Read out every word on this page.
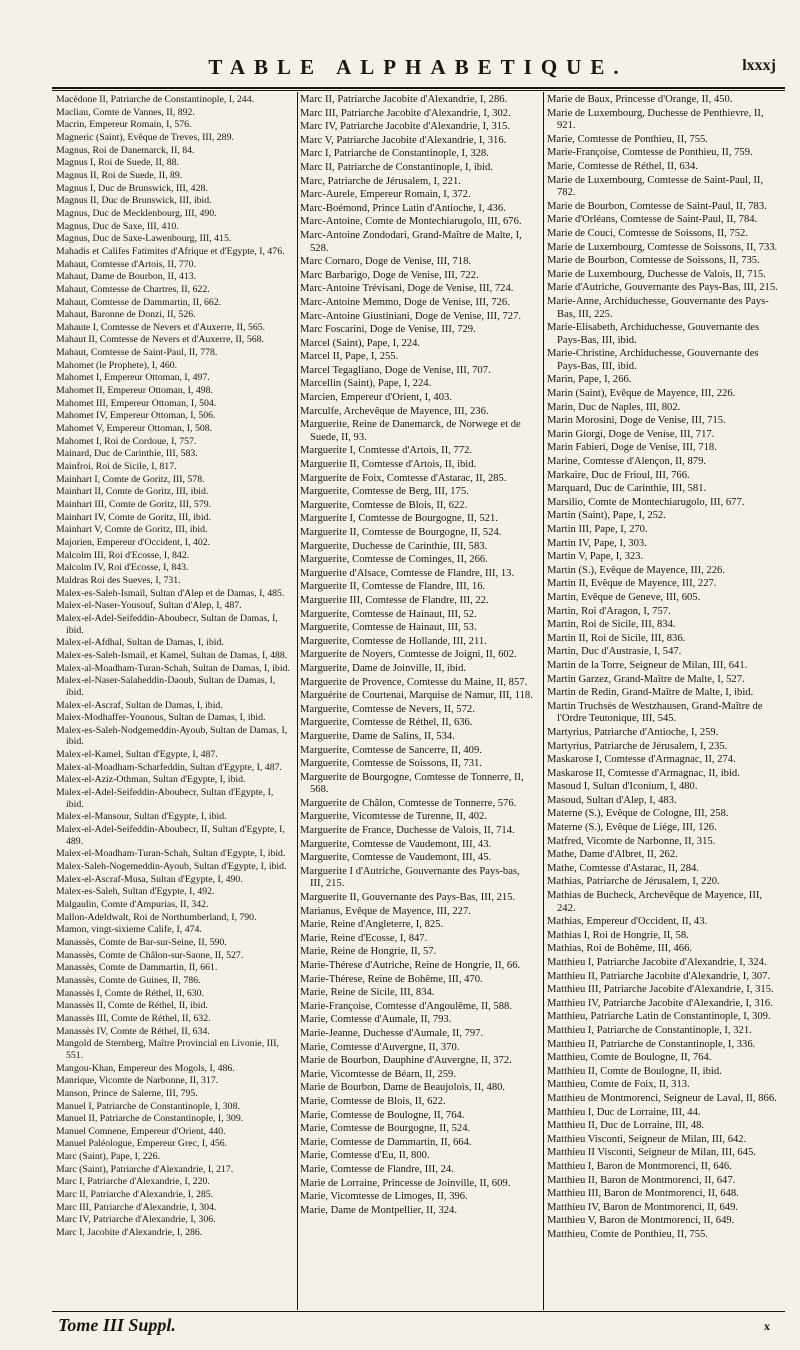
TABLE ALPHABETIQUE.	lxxxj
Macédone II, Patriarche de Constantinople, I, 244.
Macliau, Comte de Vannes, II, 892.
Macrin, Empereur Romain, I, 576.
Magneric (Saint), Evêque de Treves, III, 289.
Magnus, Roi de Danemarck, II, 84.
Magnus I, Roi de Suede, II, 88.
Magnus II, Roi de Suede, II, 89.
Magnus I, Duc de Brunswick, III, 428.
Magnus II, Duc de Brunswick, III, ibid.
Magnus, Duc de Mecklenbourg, III, 490.
Magnus, Duc de Saxe, III, 410.
Magnus, Duc de Saxe-Lawenbourg, III, 415.
Mahadis et Califes Fatimites d'Afrique et d'Egypte, I, 476.
Mahaut, Comtesse d'Artois, II, 770.
Mahaut, Dame de Bourbon, II, 413.
Mahaut, Comtesse de Chartres, II, 622.
Mahaut, Comtesse de Dammartin, II, 662.
Mahaut, Baronne de Donzi, II, 526.
Mahaute I, Comtesse de Nevers et d'Auxerre, II, 565.
Mahaut II, Comtesse de Nevers et d'Auxerre, II, 568.
Mahaut, Comtesse de Saint-Paul, II, 778.
Mahomet (le Prophete), I, 460.
Mahomet I, Empereur Ottoman, I, 497.
Mahomet II, Empereur Ottoman, I, 498.
Mahomet III, Empereur Ottoman, I, 504.
Mahomet IV, Empereur Ottoman, I, 506.
Mahomet V, Empereur Ottoman, I, 508.
Mahomet I, Roi de Cordoue, I, 757.
Mainard, Duc de Carinthie, III, 583.
Mainfroi, Roi de Sicile, I, 817.
Mainhart I, Comte de Goritz, III, 578.
Mainhart II, Comte de Goritz, III, ibid.
Mainhart III, Comte de Goritz, III, 579.
Mainhart IV, Comte de Goritz, III, ibid.
Mainhart V, Comte de Goritz, III, ibid.
Majorien, Empereur d'Occident, I, 402.
Malcolm III, Roi d'Ecosse, I, 842.
Malcolm IV, Roi d'Ecosse, I, 843.
Maldras Roi des Sueves, I, 731.
Malex-es-Saleh-Ismail, Sultan d'Alep et de Damas, I, 485.
Malex-el-Naser-Yousouf, Sultan d'Alep, I, 487.
Malex-el-Adel-Seifeddin-Aboubecr, Sultan de Damas, I, ibid.
Malex-el-Afdhal, Sultan de Damas, I, ibid.
Malex-es-Saleh-Ismail, et Kamel, Sultan de Damas, I, 488.
Malex-al-Moadham-Turan-Schah, Sultan de Damas, I, ibid.
Malex-el-Naser-Salaheddin-Daoub, Sultan de Damas, I, ibid.
Malex-el-Ascraf, Sultan de Damas, I, ibid.
Malex-Modhaffer-Younous, Sultan de Damas, I, ibid.
Malex-es-Saleh-Nodgemeddin-Ayoub, Sultan de Damas, I, ibid.
Malex-el-Kamel, Sultan d'Egypte, I, 487.
Malex-al-Moadham-Scharfeddin, Sultan d'Egypte, I, 487.
Malex-el-Aziz-Othman, Sultan d'Egypte, I, ibid.
Malex-el-Adel-Seifeddin-Aboubecr, Sultan d'Egypte, I, ibid.
Malex-el-Mansour, Sultan d'Egypte, I, ibid.
Malex-el-Adel-Seifeddin-Aboubecr, II, Sultan d'Egypte, I, 489.
Malex-el-Moadham-Turan-Schah, Sultan d'Egypte, I, ibid.
Malex-Saleh-Nogemeddin-Ayoub, Sultan d'Egypte, I, ibid.
Malex-el-Ascraf-Musa, Sultan d'Egypte, I, 490.
Malex-es-Saleh, Sultan d'Egypte, I, 492.
Malgaulin, Comte d'Ampurias, II, 342.
Mallon-Adeldwalt, Roi de Northumberland, I, 790.
Mamon, vingt-sixieme Calife, I, 474.
Manassès, Comte de Bar-sur-Seine, II, 590.
Manassès, Comte de Châlon-sur-Saone, II, 527.
Manassès, Comte de Dammartin, II, 661.
Manassès, Comte de Guines, II, 786.
Manassès I, Comte de Réthel, II, 630.
Manassès II, Comte de Réthel, II, ibid.
Manassès III, Comte de Réthel, II, 632.
Manassès IV, Comte de Réthel, II, 634.
Mangold de Sternberg, Maître Provincial en Livonie, III, 551.
Mangou-Khan, Empereur des Mogols, I, 486.
Manrique, Vicomte de Narbonne, II, 317.
Manson, Prince de Salerne, III, 795.
Manuel I, Patriarche de Constantinople, I, 308.
Manuel II, Patriarche de Constantinople, I, 309.
Manuel Comnene, Empereur d'Orient, 440.
Manuel Paléologue, Empereur Grec, I, 456.
Marc (Saint), Pape, I, 226.
Marc (Saint), Patriarche d'Alexandrie, I, 217.
Marc I, Patriarche d'Alexandrie, I, 220.
Marc II, Patriarche d'Alexandrie, I, 285.
Marc III, Patriarche d'Alexandrie, I, 304.
Marc IV, Patriarche d'Alexandrie, I, 306.
Marc I, Jacobite d'Alexandrie, I, 286.
Marc II, Patriarche Jacobite d'Alexandrie, I, 286.
Marc III, Patriarche Jacobite d'Alexandrie, I, 302.
Marc IV, Patriarche Jacobite d'Alexandrie, I, 315.
Marc V, Patriarche Jacobite d'Alexandrie, I, 316.
Marc I, Patriarche de Constantinople, I, 328.
Marc II, Patriarche de Constantinople, I, ibid.
Marc, Patriarche de Jérusalem, I, 221.
Marc-Aurele, Empereur Romain, I, 372.
Marc-Boémond, Prince Latin d'Antioche, I, 436.
Marc-Antoine, Comte de Montechiarugolo, III, 676.
Marc-Antoine Zondodari, Grand-Maître de Malte, I, 528.
Marc Cornaro, Doge de Venise, III, 718.
Marc Barbarigo, Doge de Venise, III, 722.
Marc-Antoine Trévisani, Doge de Venise, III, 724.
Marc-Antoine Memmo, Doge de Venise, III, 726.
Marc-Antoine Giustiniani, Doge de Venise, III, 727.
Marc Foscarini, Doge de Venise, III, 729.
Marcel (Saint), Pape, I, 224.
Marcel II, Pape, I, 255.
Marcel Tegagliano, Doge de Venise, III, 707.
Marcellin (Saint), Pape, I, 224.
Marcien, Empereur d'Orient, I, 403.
Marculfe, Archevêque de Mayence, III, 236.
Marguerite, Reine de Danemarck, de Norwege et de Suede, II, 93.
Marguerite I, Comtesse d'Artois, II, 772.
Marguerite II, Comtesse d'Artois, II, ibid.
Marguerite de Foix, Comtesse d'Astarac, II, 285.
Marguerite, Comtesse de Berg, III, 175.
Marguerite, Comtesse de Blois, II, 622.
Marguerite I, Comtesse de Bourgogne, II, 521.
Marguerite II, Comtesse de Bourgogne, II, 524.
Marguerite, Duchesse de Carinthie, III, 583.
Marguerite, Comtesse de Cominges, II, 266.
Marguerite d'Alsace, Comtesse de Flandre, III, 13.
Marguerite II, Comtesse de Flandre, III, 16.
Marguerite III, Comtesse de Flandre, III, 22.
Marguerite, Comtesse de Hainaut, III, 52.
Marguerite, Comtesse de Hainaut, III, 53.
Marguerite, Comtesse de Hollande, III, 211.
Marguerite de Noyers, Comtesse de Joigni, II, 602.
Marguerite, Dame de Joinville, II, ibid.
Marguerite de Provence, Comtesse du Maine, II, 857.
Marguérite de Courtenai, Marquise de Namur, III, 118.
Marguerite, Comtesse de Nevers, II, 572.
Marguerite, Comtesse de Réthel, II, 636.
Marguerite, Dame de Salins, II, 534.
Marguerite, Comtesse de Sancerre, II, 409.
Marguerite, Comtesse de Soissons, II, 731.
Marguerite de Bourgogne, Comtesse de Tonnerre, II, 568.
Marguerite de Châlon, Comtesse de Tonnerre, 576.
Marguerite, Vicomtesse de Turenne, II, 402.
Marguerite de France, Duchesse de Valois, II, 714.
Marguerite, Comtesse de Vaudemont, III, 43.
Marguerite, Comtesse de Vaudemont, III, 45.
Marguerite I d'Autriche, Gouvernante des Pays-bas, III, 215.
Marguerite II, Gouvernante des Pays-Bas, III, 215.
Marianus, Evêque de Mayence, III, 227.
Marie, Reine d'Angleterre, I, 825.
Marie, Reine d'Ecosse, I, 847.
Marie, Reine de Hongrie, II, 57.
Marie-Thérese d'Autriche, Reine de Hongrie, II, 66.
Marie-Thérese, Reine de Bohême, III, 470.
Marie, Reine de Sicile, III, 834.
Marie-Françoise, Comtesse d'Angoulême, II, 588.
Marie, Comtesse d'Aumale, II, 793.
Marie-Jeanne, Duchesse d'Aumale, II, 797.
Marie, Comtesse d'Auvergne, II, 370.
Marie de Bourbon, Dauphine d'Auvergne, II, 372.
Marie, Vicomtesse de Béarn, II, 259.
Marie de Bourbon, Dame de Beaujolois, II, 480.
Marie, Comtesse de Blois, II, 622.
Marie, Comtesse de Boulogne, II, 764.
Marie, Comtesse de Bourgogne, II, 524.
Marie, Comtesse de Dammartin, II, 664.
Marie, Comtesse d'Eu, II, 800.
Marie, Comtesse de Flandre, III, 24.
Marie de Lorraine, Princesse de Joinville, II, 609.
Marie, Vicomtesse de Limoges, II, 396.
Marie, Dame de Montpellier, II, 324.
Marie de Baux, Princesse d'Orange, II, 450.
Marie de Luxembourg, Duchesse de Penthievre, II, 921.
Marie, Comtesse de Ponthieu, II, 755.
Marie-Françoise, Comtesse de Ponthieu, II, 759.
Marie, Comtesse de Réthel, II, 634.
Marie de Luxembourg, Comtesse de Saint-Paul, II, 782.
Marie de Bourbon, Comtesse de Saint-Paul, II, 783.
Marie d'Orléans, Comtesse de Saint-Paul, II, 784.
Marie de Couci, Comtesse de Soissons, II, 752.
Marie de Luxembourg, Comtesse de Soissons, II, 733.
Marie de Bourbon, Comtesse de Soissons, II, 735.
Marie de Luxembourg, Duchesse de Valois, II, 715.
Marie d'Autriche, Gouvernante des Pays-Bas, III, 215.
Marie-Anne, Archiduchesse, Gouvernante des Pays-Bas, III, 225.
Marie-Elisabeth, Archiduchesse, Gouvernante des Pays-Bas, III, ibid.
Marie-Christine, Archiduchesse, Gouvernante des Pays-Bas, III, ibid.
Marin, Pape, I, 266.
Marin (Saint), Evêque de Mayence, III, 226.
Marin, Duc de Naples, III, 802.
Marin Morosini, Doge de Venise, III, 715.
Marin Giorgi, Doge de Venise, III, 717.
Marin Fabieri, Doge de Venise, III, 718.
Marine, Comtesse d'Alençon, II, 879.
Markaire, Duc de Frioul, III, 766.
Marquard, Duc de Carinthie, III, 581.
Marsilio, Comte de Montechiarugolo, III, 677.
Martin (Saint), Pape, I, 252.
Martin III, Pape, I, 270.
Martin IV, Pape, I, 303.
Martin V, Pape, I, 323.
Martin (S.), Evêque de Mayence, III, 226.
Martin II, Evêque de Mayence, III, 227.
Martin, Evêque de Geneve, III, 605.
Martin, Roi d'Aragon, I, 757.
Martin, Roi de Sicile, III, 834.
Martin II, Roi de Sicile, III, 836.
Martin, Duc d'Austrasie, I, 547.
Martin de la Torre, Seigneur de Milan, III, 641.
Martin Garzez, Grand-Maître de Malte, I, 527.
Martin de Redin, Grand-Maître de Malte, I, ibid.
Martin Truchsès de Westzhausen, Grand-Maître de l'Ordre Teutonique, III, 545.
Martyrius, Patriarche d'Antioche, I, 259.
Martyrius, Patriarche de Jérusalem, I, 235.
Maskarose I, Comtesse d'Armagnac, II, 274.
Maskarose II, Comtesse d'Armagnac, II, ibid.
Masoud I, Sultan d'Iconium, I, 480.
Masoud, Sultan d'Alep, I, 483.
Materne (S.), Evêque de Cologne, III, 258.
Materne (S.), Evêque de Liége, III, 126.
Matfred, Vicomte de Narbonne, II, 315.
Mathe, Dame d'Albret, II, 262.
Mathe, Comtesse d'Astarac, II, 284.
Mathias, Patriarche de Jérusalem, I, 220.
Mathias de Bucheck, Archevêque de Mayence, III, 242.
Mathias, Empereur d'Occident, II, 43.
Mathias I, Roi de Hongrie, II, 58.
Mathias, Roi de Bohême, III, 466.
Matthieu I, Patriarche Jacobite d'Alexandrie, I, 324.
Matthieu II, Patriarche Jacobite d'Alexandrie, I, 307.
Matthieu III, Patriarche Jacobite d'Alexandrie, I, 315.
Matthieu IV, Patriarche Jacobite d'Alexandrie, I, 316.
Matthieu, Patriarche Latin de Constantinople, I, 309.
Matthieu I, Patriarche de Constantinople, I, 321.
Matthieu II, Patriarche de Constantinople, I, 336.
Matthieu, Comte de Boulogne, II, 764.
Matthieu II, Comte de Boulogne, II, ibid.
Matthieu, Comte de Foix, II, 313.
Matthieu de Montmorenci, Seigneur de Laval, II, 866.
Matthieu I, Duc de Lorraine, III, 44.
Matthieu II, Duc de Lorraine, III, 48.
Matthieu Visconti, Seigneur de Milan, III, 642.
Matthieu II Visconti, Seigneur de Milan, III, 645.
Matthieu I, Baron de Montmorenci, II, 646.
Matthieu II, Baron de Montmorenci, II, 647.
Matthieu III, Baron de Montmorenci, II, 648.
Matthieu IV, Baron de Montmorenci, II, 649.
Matthieu V, Baron de Montmorenci, II, 649.
Matthieu, Comte de Ponthieu, II, 755.
Tome III Suppl.	x
